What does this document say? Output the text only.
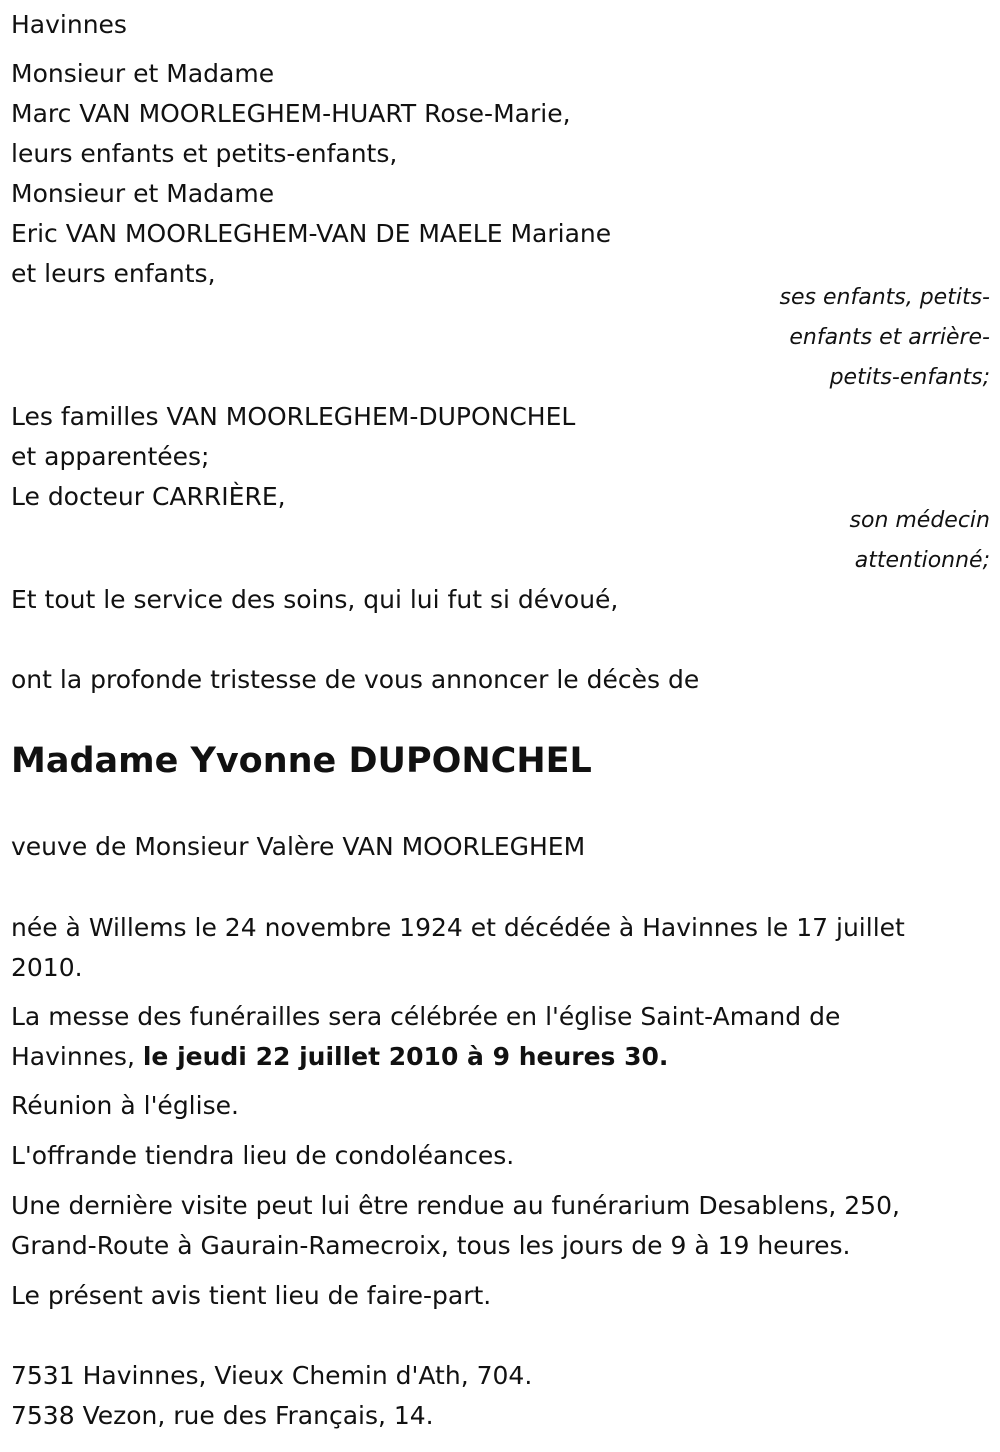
Havinnes
Monsieur et Madame
Marc VAN MOORLEGHEM-HUART Rose-Marie,
leurs enfants et petits-enfants,
Monsieur et Madame
Eric VAN MOORLEGHEM-VAN DE MAELE Mariane
et leurs enfants,
ses enfants, petits-
enfants et arrière-
petits-enfants;
Les familles VAN MOORLEGHEM-DUPONCHEL
et apparentées;
Le docteur CARRIÈRE,
son médecin
attentionné;
Et tout le service des soins, qui lui fut si dévoué,
ont la profonde tristesse de vous annoncer le décès de
Madame Yvonne DUPONCHEL
veuve de Monsieur Valère VAN MOORLEGHEM
née à Willems le 24 novembre 1924 et décédée à Havinnes le 17 juillet
2010.
La messe des funérailles sera célébrée en l'église Saint-Amand de
Havinnes, le jeudi 22 juillet 2010 à 9 heures 30.
Réunion à l'église.
L'offrande tiendra lieu de condoléances.
Une dernière visite peut lui être rendue au funérarium Desablens, 250,
Grand-Route à Gaurain-Ramecroix, tous les jours de 9 à 19 heures.
Le présent avis tient lieu de faire-part.
7531 Havinnes, Vieux Chemin d'Ath, 704.
7538 Vezon, rue des Français, 14.
